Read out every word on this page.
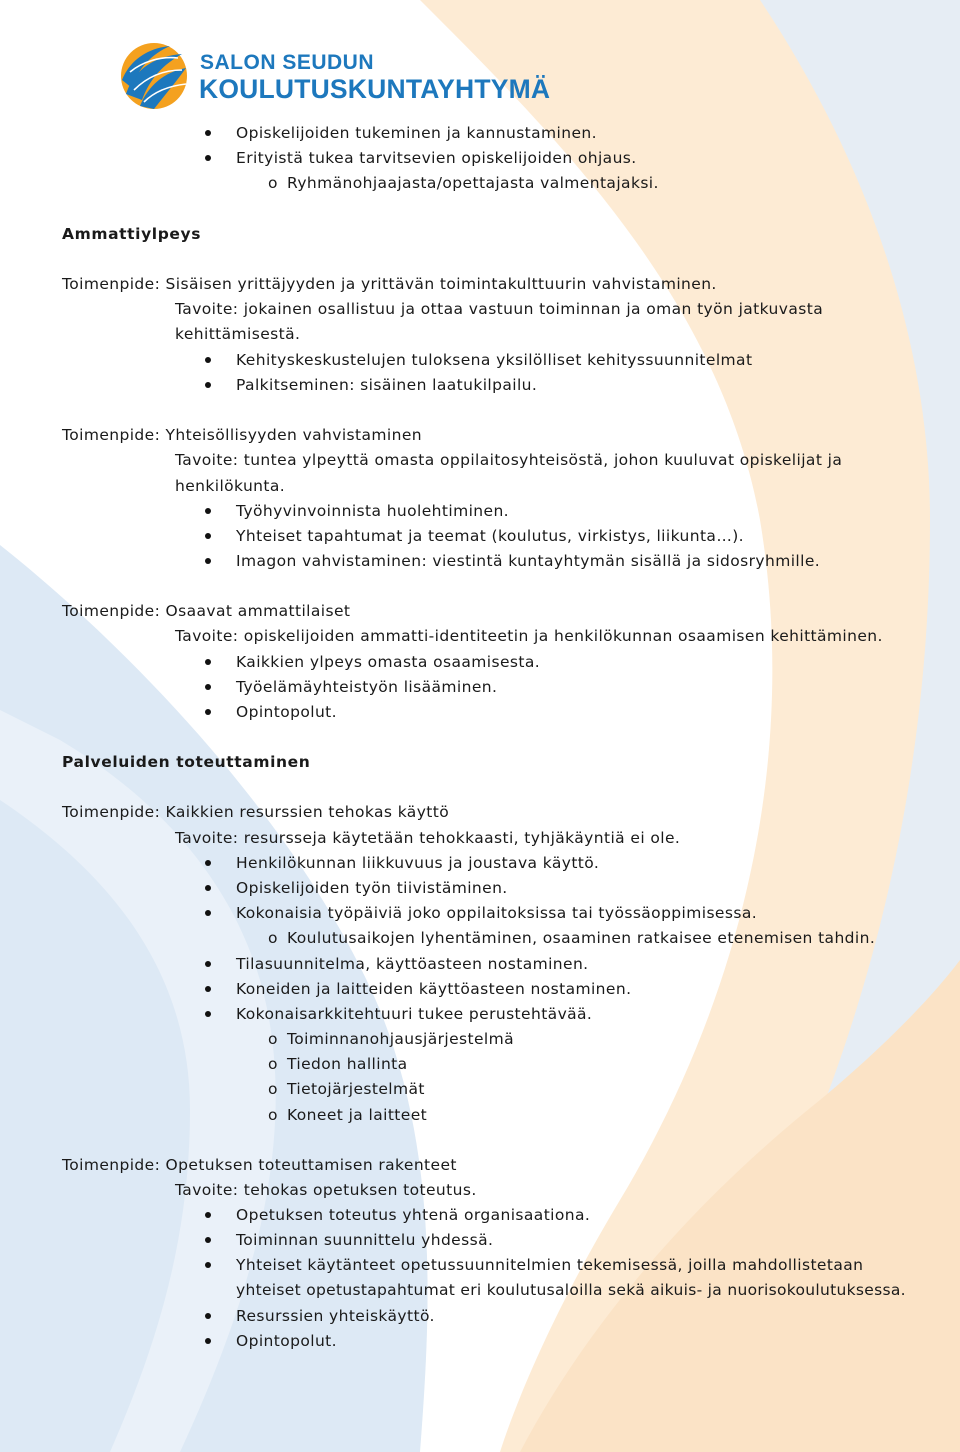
SALON SEUDUN
KOULUTUSKUNTAYHTYMÄ
Opiskelijoiden tukeminen ja kannustaminen.
Erityistä tukea tarvitsevien opiskelijoiden ohjaus.
o Ryhmänohjaajasta/opettajasta valmentajaksi.
Ammattiylpeys
Toimenpide: Sisäisen yrittäjyyden ja yrittävän toimintakulttuurin vahvistaminen.
Tavoite: jokainen osallistuu ja ottaa vastuun toiminnan ja oman työn jatkuvasta
kehittämisestä.
Kehityskeskustelujen tuloksena yksilölliset kehityssuunnitelmat
Palkitseminen: sisäinen laatukilpailu.
Toimenpide: Yhteisöllisyyden vahvistaminen
Tavoite: tuntea ylpeyttä omasta oppilaitosyhteisöstä, johon kuuluvat opiskelijat ja
henkilökunta.
Työhyvinvoinnista huolehtiminen.
Yhteiset tapahtumat ja teemat (koulutus, virkistys, liikunta…).
Imagon vahvistaminen: viestintä kuntayhtymän sisällä ja sidosryhmille.
Toimenpide: Osaavat ammattilaiset
Tavoite: opiskelijoiden ammatti-identiteetin ja henkilökunnan osaamisen kehittäminen.
Kaikkien ylpeys omasta osaamisesta.
Työelämäyhteistyön lisääminen.
Opintopolut.
Palveluiden toteuttaminen
Toimenpide: Kaikkien resurssien tehokas käyttö
Tavoite: resursseja käytetään tehokkaasti, tyhjäkäyntiä ei ole.
Henkilökunnan liikkuvuus ja joustava käyttö.
Opiskelijoiden työn tiivistäminen.
Kokonaisia työpäiviä joko oppilaitoksissa tai työssäoppimisessa.
o Koulutusaikojen lyhentäminen, osaaminen ratkaisee etenemisen tahdin.
Tilasuunnitelma, käyttöasteen nostaminen.
Koneiden ja laitteiden käyttöasteen nostaminen.
Kokonaisarkkitehtuuri tukee perustehtävää.
o Toiminnanohjausjärjestelmä
o Tiedon hallinta
o Tietojärjestelmät
o Koneet ja laitteet
Toimenpide: Opetuksen toteuttamisen rakenteet
Tavoite: tehokas opetuksen toteutus.
Opetuksen toteutus yhtenä organisaationa.
Toiminnan suunnittelu yhdessä.
Yhteiset käytänteet opetussuunnitelmien tekemisessä, joilla mahdollistetaan
yhteiset opetustapahtumat eri koulutusaloilla sekä aikuis- ja nuorisokoulutuksessa.
Resurssien yhteiskäyttö.
Opintopolut.
